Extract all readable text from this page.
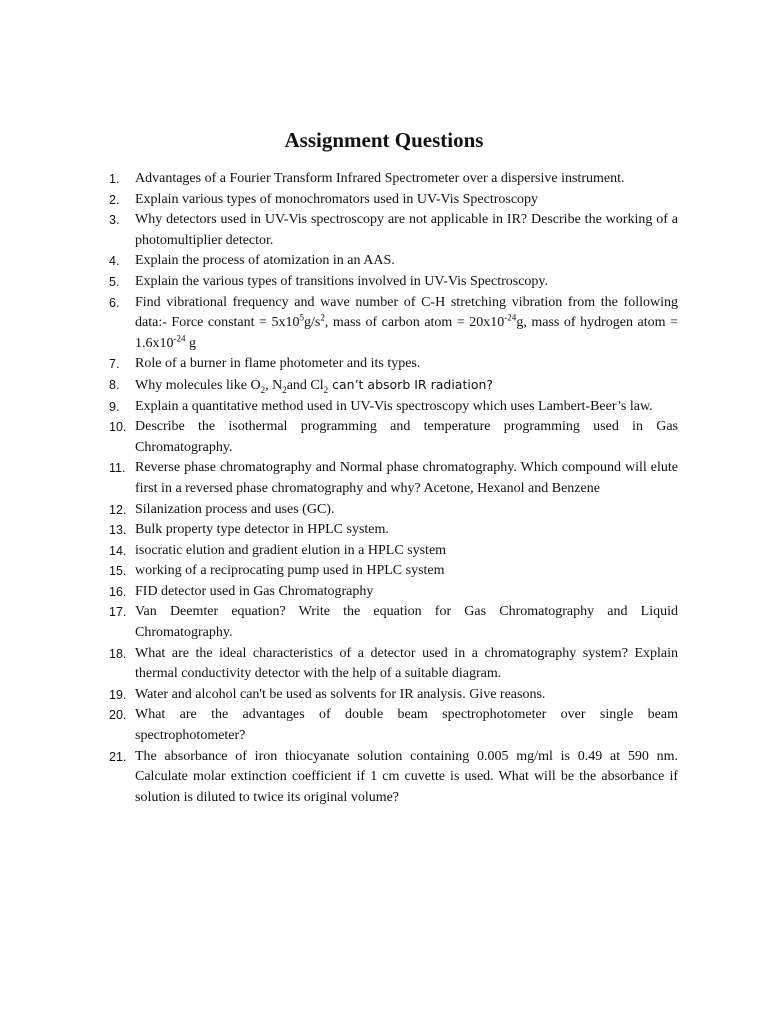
Assignment Questions
1.	Advantages of a Fourier Transform Infrared Spectrometer over a dispersive instrument.
2.	Explain various types of monochromators used in UV-Vis Spectroscopy
3.	Why detectors used in UV-Vis spectroscopy are not applicable in IR? Describe the working of a photomultiplier detector.
4.	Explain the process of atomization in an AAS.
5.	Explain the various types of transitions involved in UV-Vis Spectroscopy.
6.	Find vibrational frequency and wave number of C-H stretching vibration from the following data:- Force constant = $5x10^5g/s^2$, mass of carbon atom = $20x10^{-24}g$, mass of hydrogen atom = $1.6x10^{-24}$ g
7.	Role of a burner in flame photometer and its types.
8.	Why molecules like $O_2$, $N_2and$ $Cl_2$ can’t absorb IR radiation?
9.	Explain a quantitative method used in UV-Vis spectroscopy which uses Lambert-Beer’s law.
10. Describe the isothermal programming and temperature programming used in Gas Chromatography.
11. Reverse phase chromatography and Normal phase chromatography. Which compound will elute first in a reversed phase chromatography and why? Acetone, Hexanol and Benzene
12. Silanization process and uses (GC).
13. Bulk property type detector in HPLC system.
14. isocratic elution and gradient elution in a HPLC system
15. working of a reciprocating pump used in HPLC system
16. FID detector used in Gas Chromatography
17. Van Deemter equation? Write the equation for Gas Chromatography and Liquid Chromatography.
18. What are the ideal characteristics of a detector used in a chromatography system? Explain thermal conductivity detector with the help of a suitable diagram.
19. Water and alcohol can't be used as solvents for IR analysis. Give reasons.
20. What are the advantages of double beam spectrophotometer over single beam spectrophotometer?
21. The absorbance of iron thiocyanate solution containing 0.005 mg/ml is 0.49 at 590 nm. Calculate molar extinction coefficient if 1 cm cuvette is used. What will be the absorbance if solution is diluted to twice its original volume?
